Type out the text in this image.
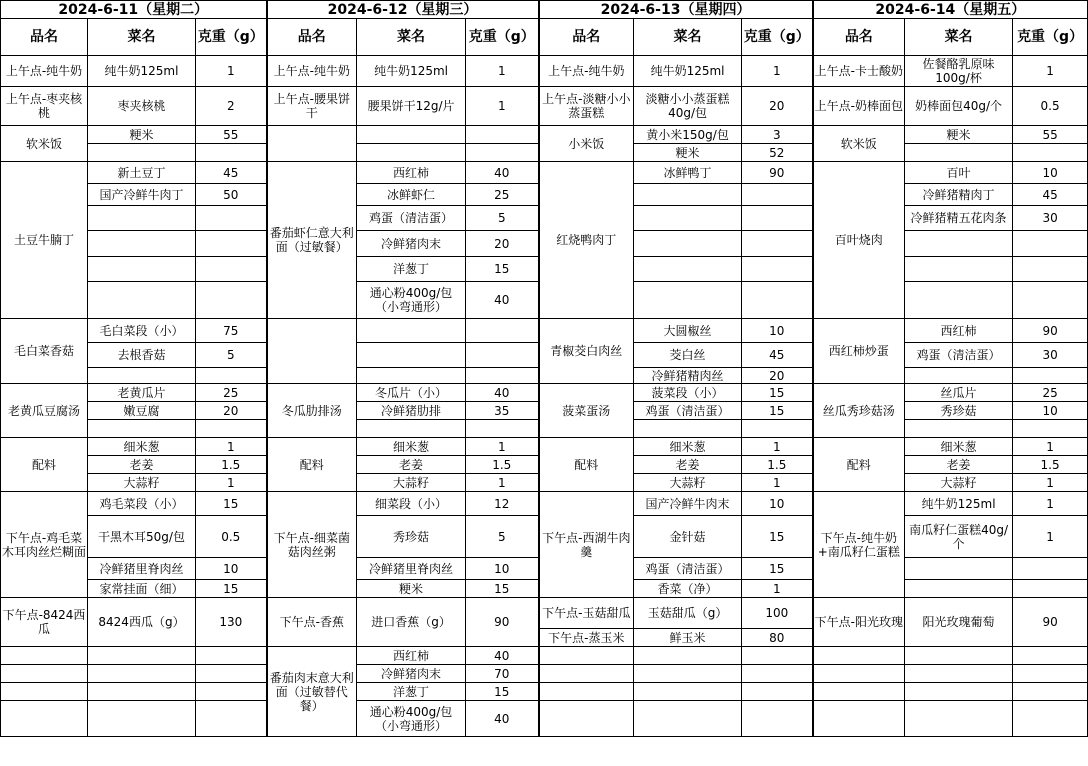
2024-6-11（星期二）			2024-6-12（星期三）			2024-6-13（星期四）			2024-6-14（星期五）		
品名	菜名	克重（g）	品名	菜名	克重（g）	品名	菜名	克重（g）	品名	菜名	克重（g）
上午点-纯牛奶	纯牛奶125ml	1	上午点-纯牛奶	纯牛奶125ml	1	上午点-纯牛奶	纯牛奶125ml	1	上午点-卡士酸奶	佐餐酪乳原味100g/杯	1
上午点-枣夹核桃	枣夹核桃	2	上午点-腰果饼干	腰果饼干12g/片	1	上午点-淡糖小小蒸蛋糕	淡糖小小蒸蛋糕40g/包	20	上午点-奶棒面包	奶棒面包40g/个	0.5
软米饭	粳米	55				小米饭	黄小米150g/包	3	软米饭	粳米	55
							粳米	52			
土豆牛腩丁	新土豆丁	45	番茄虾仁意大利面（过敏餐）	西红柿	40	红烧鸭肉丁	冰鲜鸭丁	90	百叶烧肉	百叶	10
	国产冷鲜牛肉丁	50		冰鲜虾仁	25					冷鲜猪精肉丁	45
				鸡蛋（清洁蛋）	5					冷鲜猪精五花肉条	30
				冷鲜猪肉末	20						
				洋葱丁	15						
				通心粉400g/包（小弯通形）	40						
毛白菜香菇	毛白菜段（小）	75				青椒茭白肉丝	大圆椒丝	10	西红柿炒蛋	西红柿	90
	去根香菇	5					茭白丝	45		鸡蛋（清洁蛋）	30
							冷鲜猪精肉丝	20			
老黄瓜豆腐汤	老黄瓜片	25	冬瓜肋排汤	冬瓜片（小）	40	菠菜蛋汤	菠菜段（小）	15	丝瓜秀珍菇汤	丝瓜片	25
	嫩豆腐	20		冷鲜猪肋排	35		鸡蛋（清洁蛋）	15		秀珍菇	10

配料	细米葱	1	配料	细米葱	1	配料	细米葱	1	配料	细米葱	1
	老姜	1.5		老姜	1.5		老姜	1.5		老姜	1.5
	大蒜籽	1		大蒜籽	1		大蒜籽	1		大蒜籽	1
下午点-鸡毛菜木耳肉丝烂糊面	鸡毛菜段（小）	15	下午点-细菜菌菇肉丝粥	细菜段（小）	12	下午点-西湖牛肉羹	国产冷鲜牛肉末	10	下午点-纯牛奶+南瓜籽仁蛋糕	纯牛奶125ml	1
	干黑木耳50g/包	0.5		秀珍菇	5		金针菇	15		南瓜籽仁蛋糕40g/个	1
	冷鲜猪里脊肉丝	10		冷鲜猪里脊肉丝	10		鸡蛋（清洁蛋）	15			
	家常挂面（细）	15		粳米	15		香菜（净）	1			
下午点-8424西瓜	8424西瓜（g）	130	下午点-香蕉	进口香蕉（g）	90	下午点-玉菇甜瓜	玉菇甜瓜（g）	100	下午点-阳光玫瑰	阳光玫瑰葡萄	90
						下午点-蒸玉米	鲜玉米	80			
			番茄肉末意大利面（过敏替代餐）	西红柿	40						
				冷鲜猪肉末	70						
				洋葱丁	15						
				通心粉400g/包（小弯通形）	40						
